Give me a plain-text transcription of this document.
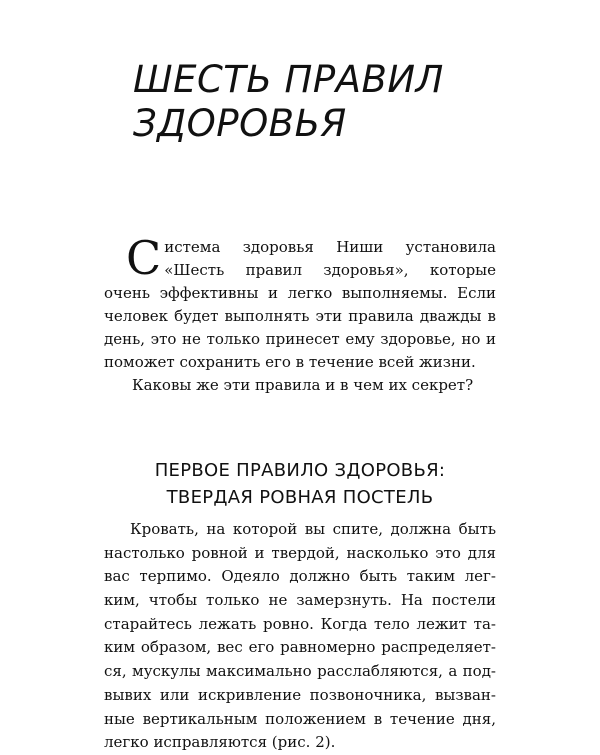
ШЕСТЬ ПРАВИЛ
ЗДОРОВЬЯ

Система здоровья Ниши установила «Шесть правил здоровья», которые очень эффективны и легко выполняемы. Если человек будет выполнять эти правила дважды в день, это не только принесет ему здоровье, но и поможет сохранить его в течение всей жизни.

Каковы же эти правила и в чем их секрет?

ПЕРВОЕ ПРАВИЛО ЗДОРОВЬЯ:
ТВЕРДАЯ РОВНАЯ ПОСТЕЛЬ
Кровать, на которой вы спите, должна быть
настолько ровной и твердой, насколько это для
вас терпимо. Одеяло должно быть таким лег-
ким, чтобы только не замерзнуть. На постели
старайтесь лежать ровно. Когда тело лежит та-
ким образом, вес его равномерно распределяет-
ся, мускулы максимально расслабляются, а под-
вывих или искривление позвоночника, вызван-
ные вертикальным положением в течение дня,
легко исправляются (рис. 2).
